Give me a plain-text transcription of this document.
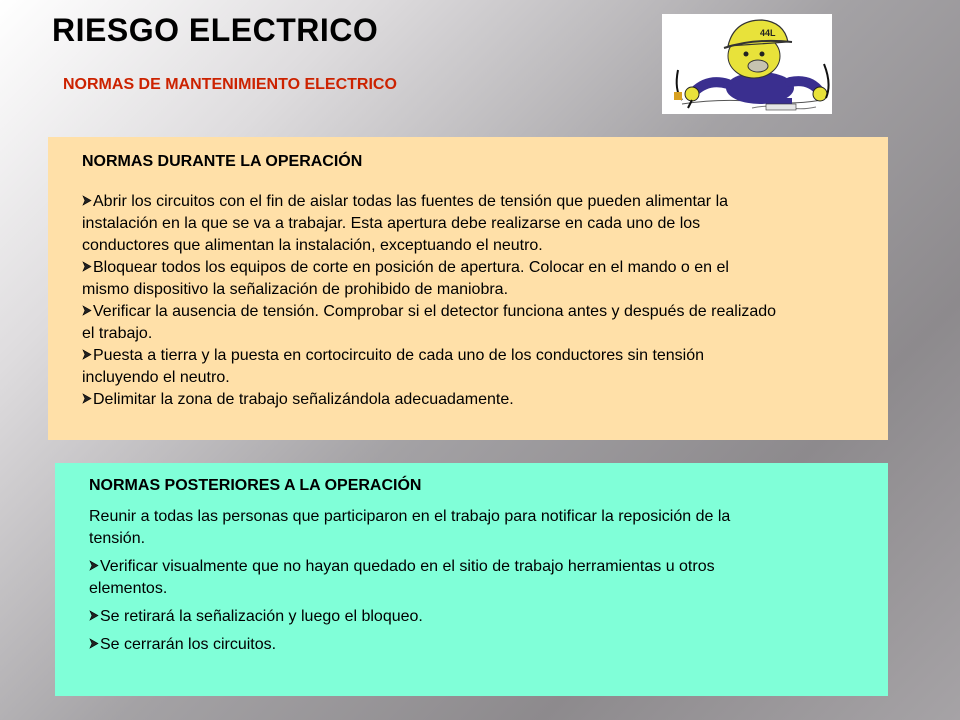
RIESGO ELECTRICO
NORMAS DE MANTENIMIENTO ELECTRICO
44L

NORMAS DURANTE LA OPERACIÓN

Abrir los circuitos con el fin de aislar todas las fuentes de tensión que pueden alimentar la
instalación en la que se va a trabajar. Esta apertura debe realizarse en cada uno de los
conductores que alimentan la instalación, exceptuando el neutro.

Bloquear todos los equipos de corte en posición de apertura. Colocar en el mando o en el
mismo dispositivo la señalización de prohibido de maniobra.

Verificar la ausencia de tensión. Comprobar si el detector funciona antes y después de realizado
el trabajo.

Puesta a tierra y la puesta en cortocircuito de cada uno de los conductores sin tensión
incluyendo el neutro.

Delimitar la zona de trabajo señalizándola adecuadamente.

NORMAS POSTERIORES A LA OPERACIÓN

Reunir a todas las personas que participaron en el trabajo para notificar la reposición de la
tensión.

Verificar visualmente que no hayan quedado en el sitio de trabajo herramientas u otros
elementos.

Se retirará la señalización y luego el bloqueo.

Se cerrarán los circuitos.
